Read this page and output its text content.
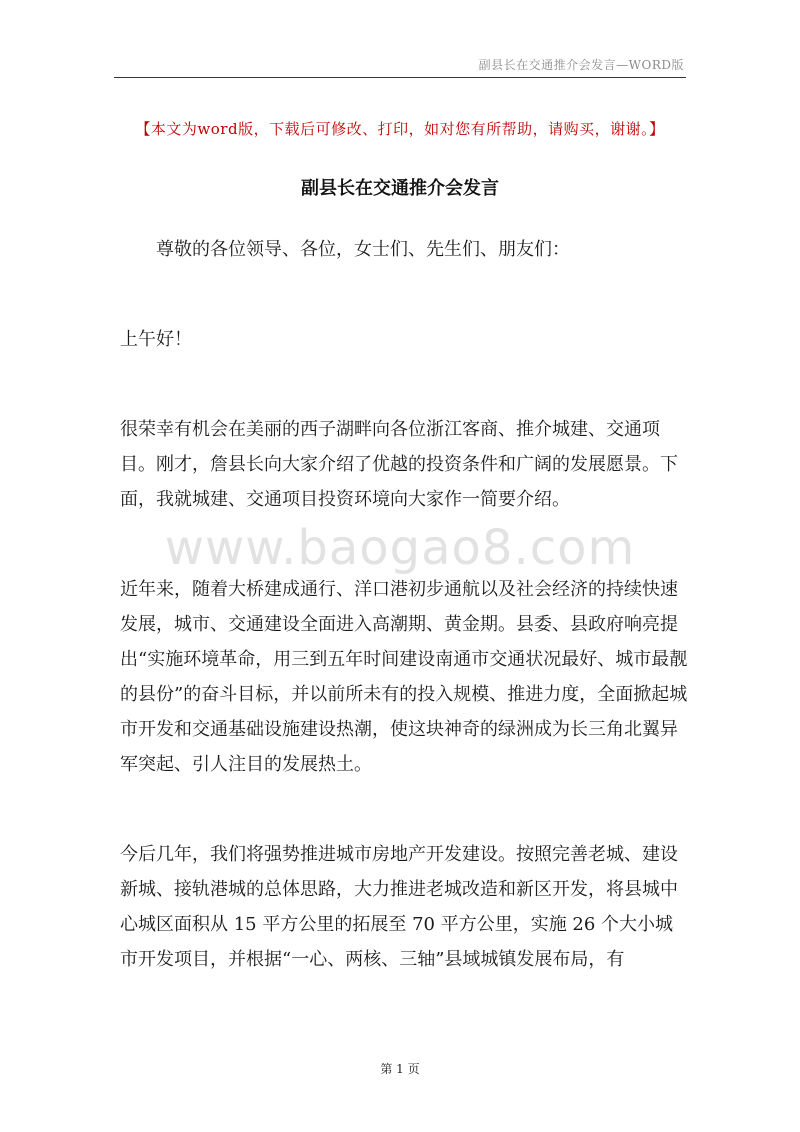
副县长在交通推介会发言—WORD版
【本文为word版，下载后可修改、打印，如对您有所帮助，请购买，谢谢。】
副县长在交通推介会发言

尊敬的各位领导、各位，女士们、先生们、朋友们：

上午好！

很荣幸有机会在美丽的西子湖畔向各位浙江客商、推介城建、交通项目。刚才，詹县长向大家介绍了优越的投资条件和广阔的发展愿景。下面，我就城建、交通项目投资环境向大家作一简要介绍。

近年来，随着大桥建成通行、洋口港初步通航以及社会经济的持续快速发展，城市、交通建设全面进入高潮期、黄金期。县委、县政府响亮提出“实施环境革命，用三到五年时间建设南通市交通状况最好、城市最靓的县份”的奋斗目标，并以前所未有的投入规模、推进力度，全面掀起城市开发和交通基础设施建设热潮，使这块神奇的绿洲成为长三角北翼异军突起、引人注目的发展热土。

今后几年，我们将强势推进城市房地产开发建设。按照完善老城、建设新城、接轨港城的总体思路，大力推进老城改造和新区开发，将县城中心城区面积从 15 平方公里的拓展至 70 平方公里，实施 26 个大小城市开发项目，并根据“一心、两核、三轴”县域城镇发展布局，有

www.baogao8.com
第 1 页
